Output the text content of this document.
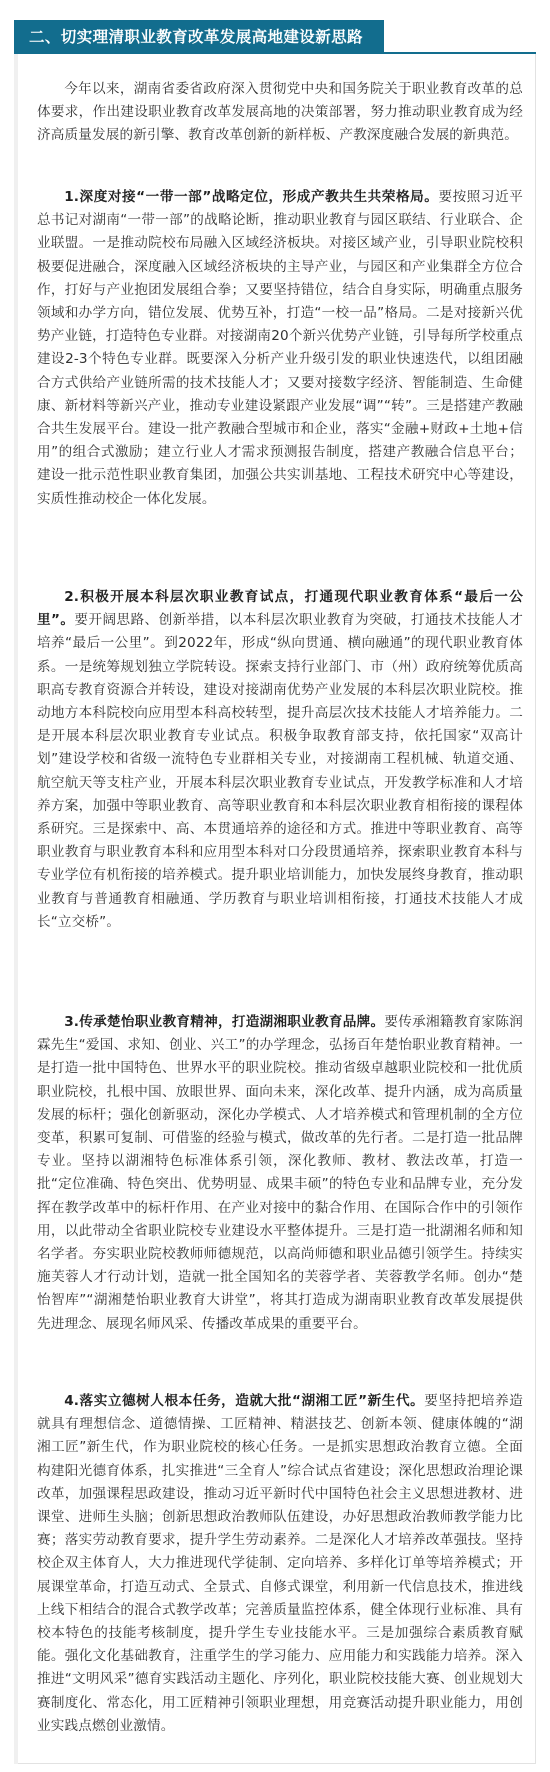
二、切实理清职业教育改革发展高地建设新思路

今年以来，湖南省委省政府深入贯彻党中央和国务院关于职业教育改革的总体要求，作出建设职业教育改革发展高地的决策部署，努力推动职业教育成为经济高质量发展的新引擎、教育改革创新的新样板、产教深度融合发展的新典范。

1.深度对接“一带一部”战略定位，形成产教共生共荣格局。要按照习近平总书记对湖南“一带一部”的战略论断，推动职业教育与园区联结、行业联合、企业联盟。一是推动院校布局融入区域经济板块。对接区域产业，引导职业院校积极要促进融合，深度融入区域经济板块的主导产业，与园区和产业集群全方位合作，打好与产业抱团发展组合拳；又要坚持错位，结合自身实际，明确重点服务领域和办学方向，错位发展、优势互补，打造“一校一品”格局。二是对接新兴优势产业链，打造特色专业群。对接湖南20个新兴优势产业链，引导每所学校重点建设2-3个特色专业群。既要深入分析产业升级引发的职业快速迭代，以组团融合方式供给产业链所需的技术技能人才；又要对接数字经济、智能制造、生命健康、新材料等新兴产业，推动专业建设紧跟产业发展“调”“转”。三是搭建产教融合共生发展平台。建设一批产教融合型城市和企业，落实“金融+财政+土地+信用”的组合式激励；建立行业人才需求预测报告制度，搭建产教融合信息平台；建设一批示范性职业教育集团，加强公共实训基地、工程技术研究中心等建设，实质性推动校企一体化发展。

2.积极开展本科层次职业教育试点，打通现代职业教育体系“最后一公里”。要开阔思路、创新举措，以本科层次职业教育为突破，打通技术技能人才培养“最后一公里”。到2022年，形成“纵向贯通、横向融通”的现代职业教育体系。一是统筹规划独立学院转设。探索支持行业部门、市（州）政府统筹优质高职高专教育资源合并转设，建设对接湖南优势产业发展的本科层次职业院校。推动地方本科院校向应用型本科高校转型，提升高层次技术技能人才培养能力。二是开展本科层次职业教育专业试点。积极争取教育部支持，依托国家“双高计划”建设学校和省级一流特色专业群相关专业，对接湖南工程机械、轨道交通、航空航天等支柱产业，开展本科层次职业教育专业试点，开发教学标准和人才培养方案，加强中等职业教育、高等职业教育和本科层次职业教育相衔接的课程体系研究。三是探索中、高、本贯通培养的途径和方式。推进中等职业教育、高等职业教育与职业教育本科和应用型本科对口分段贯通培养，探索职业教育本科与专业学位有机衔接的培养模式。提升职业培训能力，加快发展终身教育，推动职业教育与普通教育相融通、学历教育与职业培训相衔接，打通技术技能人才成长“立交桥”。

3.传承楚怡职业教育精神，打造湖湘职业教育品牌。要传承湘籍教育家陈润霖先生“爱国、求知、创业、兴工”的办学理念，弘扬百年楚怡职业教育精神。一是打造一批中国特色、世界水平的职业院校。推动省级卓越职业院校和一批优质职业院校，扎根中国、放眼世界、面向未来，深化改革、提升内涵，成为高质量发展的标杆；强化创新驱动，深化办学模式、人才培养模式和管理机制的全方位变革，积累可复制、可借鉴的经验与模式，做改革的先行者。二是打造一批品牌专业。坚持以湖湘特色标准体系引领，深化教师、教材、教法改革，打造一批“定位准确、特色突出、优势明显、成果丰硕”的特色专业和品牌专业，充分发挥在教学改革中的标杆作用、在产业对接中的黏合作用、在国际合作中的引领作用，以此带动全省职业院校专业建设水平整体提升。三是打造一批湖湘名师和知名学者。夯实职业院校教师师德规范，以高尚师德和职业品德引领学生。持续实施芙蓉人才行动计划，造就一批全国知名的芙蓉学者、芙蓉教学名师。创办“楚怡智库”“湖湘楚怡职业教育大讲堂”，将其打造成为湖南职业教育改革发展提供先进理念、展现名师风采、传播改革成果的重要平台。

4.落实立德树人根本任务，造就大批“湖湘工匠”新生代。要坚持把培养造就具有理想信念、道德情操、工匠精神、精湛技艺、创新本领、健康体魄的“湖湘工匠”新生代，作为职业院校的核心任务。一是抓实思想政治教育立德。全面构建阳光德育体系，扎实推进“三全育人”综合试点省建设；深化思想政治理论课改革，加强课程思政建设，推动习近平新时代中国特色社会主义思想进教材、进课堂、进师生头脑；创新思想政治教师队伍建设，办好思想政治教师教学能力比赛；落实劳动教育要求，提升学生劳动素养。二是深化人才培养改革强技。坚持校企双主体育人，大力推进现代学徒制、定向培养、多样化订单等培养模式；开展课堂革命，打造互动式、全景式、自修式课堂，利用新一代信息技术，推进线上线下相结合的混合式教学改革；完善质量监控体系，健全体现行业标准、具有校本特色的技能考核制度，提升学生专业技能水平。三是加强综合素质教育赋能。强化文化基础教育，注重学生的学习能力、应用能力和实践能力培养。深入推进“文明风采”德育实践活动主题化、序列化，职业院校技能大赛、创业规划大赛制度化、常态化，用工匠精神引领职业理想，用竞赛活动提升职业能力，用创业实践点燃创业激情。
